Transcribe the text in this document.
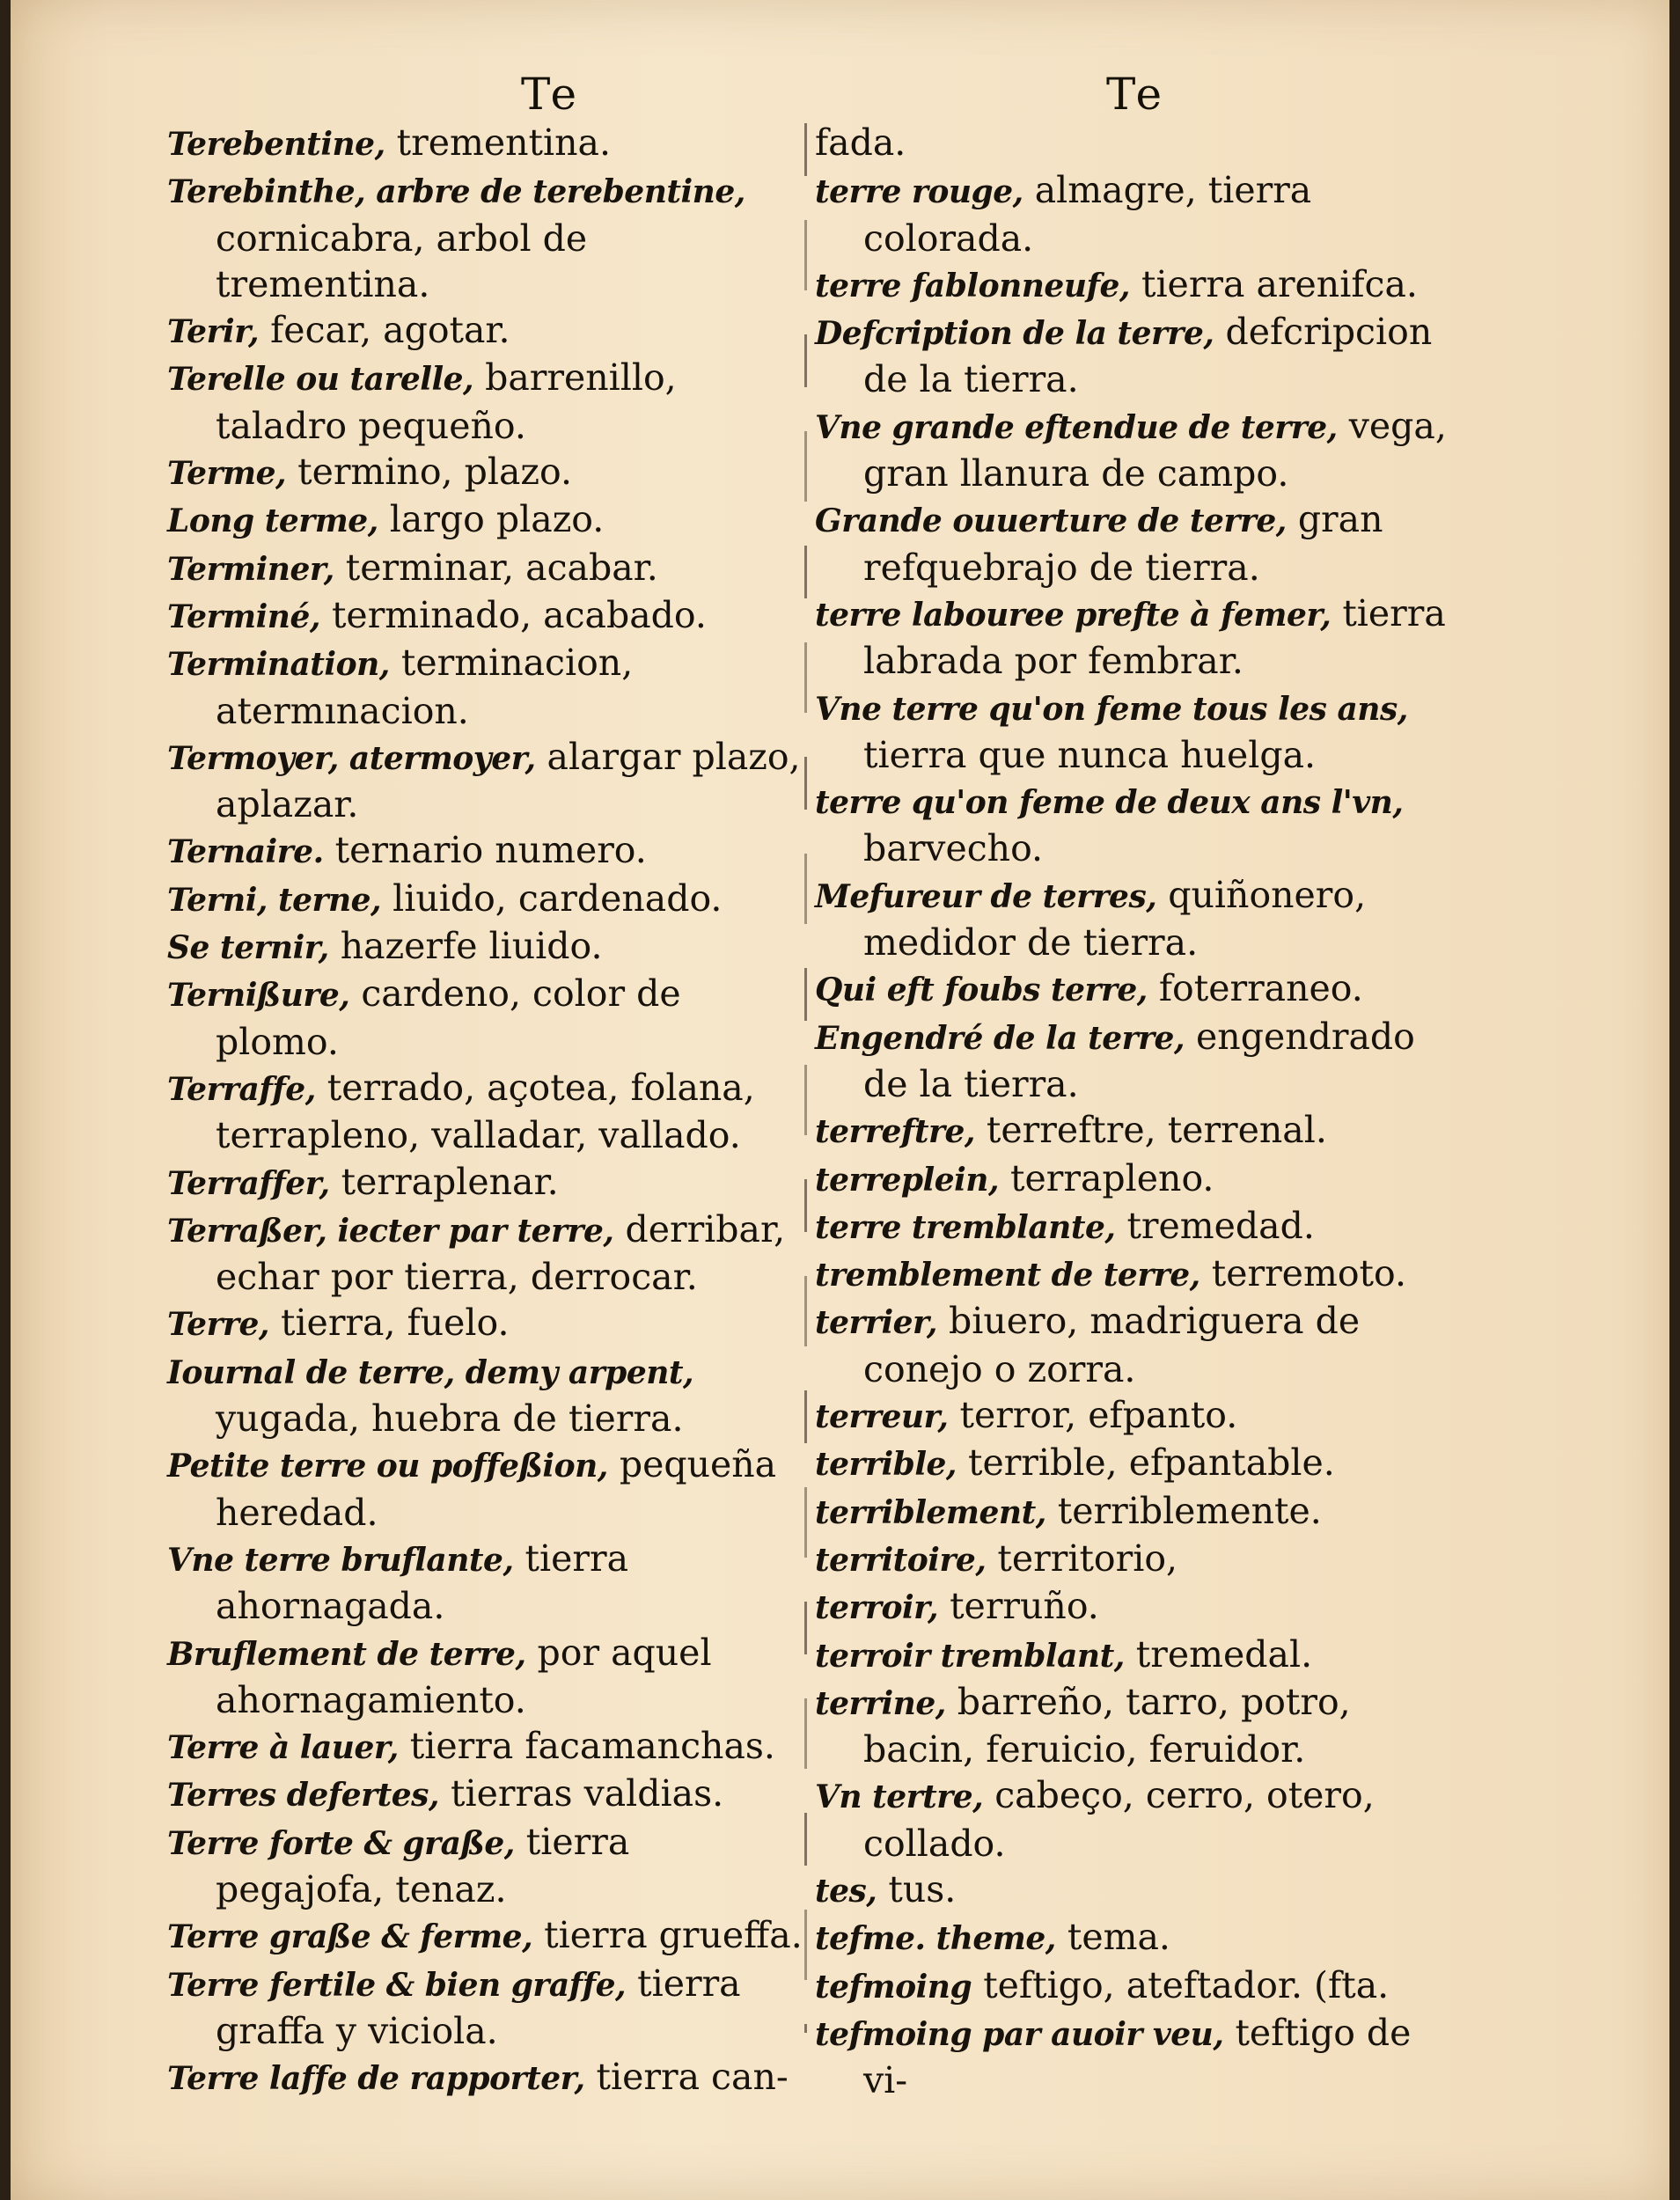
Te	Te

Terebentine, trementina.

Terebinthe, arbre de terebentine, cornicabra, arbol de trementina.

Terir, fecar, agotar.

Terelle ou tarelle, barrenillo, taladro pequeño.

Terme, termino, plazo.

Long terme, largo plazo.

Terminer, terminar, acabar.

Terminé, terminado, acabado.

Termination, terminacion, atermınacion.

Termoyer, atermoyer, alargar plazo, aplazar.

Ternaire. ternario numero.

Terni, terne, liuido, cardenado.

Se ternir, hazerfe liuido.

Ternißure, cardeno, color de plomo.

Terraffe, terrado, açotea, folana, terrapleno, valladar, vallado.

Terraffer, terraplenar.

Terraßer, iecter par terre, derribar, echar por tierra, derrocar.

Terre, tierra, fuelo.

Iournal de terre, demy arpent, yugada, huebra de tierra.

Petite terre ou poffeßion, pequeña heredad.

Vne terre bruflante, tierra ahornagada.

Bruflement de terre, por aquel ahornagamiento.

Terre à lauer, tierra facamanchas.

Terres defertes, tierras valdias.

Terre forte & graße, tierra pegajofa, tenaz.

Terre graße & ferme, tierra grueffa.

Terre fertile & bien graffe, tierra graffa y viciola.

Terre laffe de rapporter, tierra can-

fada.

terre rouge, almagre, tierra colorada.

terre fablonneufe, tierra arenifca.

Defcription de la terre, defcripcion de la tierra.

Vne grande eftendue de terre, vega, gran llanura de campo.

Grande ouuerture de terre, gran refquebrajo de tierra.

terre labouree prefte à femer, tierra labrada por fembrar.

Vne terre qu'on feme tous les ans, tierra que nunca huelga.

terre qu'on feme de deux ans l'vn, barvecho.

Mefureur de terres, quiñonero, medidor de tierra.

Qui eft foubs terre, foterraneo.

Engendré de la terre, engendrado de la tierra.

terreftre, terreftre, terrenal.

terreplein, terrapleno.

terre tremblante, tremedad.

tremblement de terre, terremoto.

terrier, biuero, madriguera de conejo o zorra.

terreur, terror, efpanto.

terrible, terrible, efpantable.

terriblement, terriblemente.

territoire, territorio,

terroir, terruño.

terroir tremblant, tremedal.

terrine, barreño, tarro, potro, bacin, feruicio, feruidor.

Vn tertre, cabeço, cerro, otero, collado.

tes, tus.

tefme. theme, tema.

tefmoing teftigo, ateftador. (fta.

tefmoing par auoir veu, teftigo de vi-
